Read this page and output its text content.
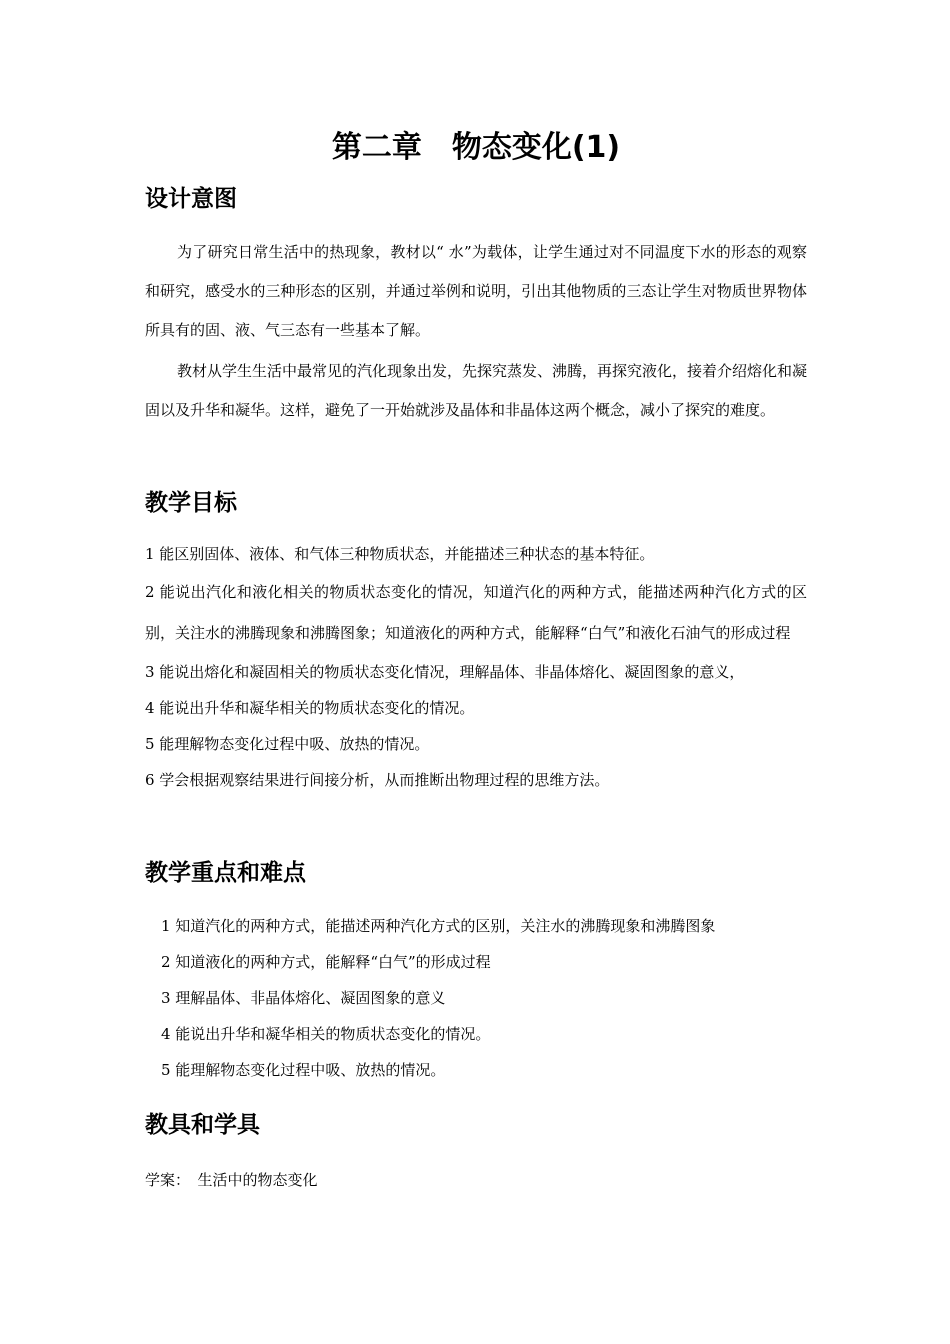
第二章　物态变化(1)
设计意图

为了研究日常生活中的热现象，教材以“ 水”为载体，让学生通过对不同温度下水的形态的观察和研究，感受水的三种形态的区别，并通过举例和说明，引出其他物质的三态让学生对物质世界物体所具有的固、液、气三态有一些基本了解。

教材从学生生活中最常见的汽化现象出发，先探究蒸发、沸腾，再探究液化，接着介绍熔化和凝固以及升华和凝华。这样，避免了一开始就涉及晶体和非晶体这两个概念，减小了探究的难度。

教学目标
1 能区别固体、液体、和气体三种物质状态，并能描述三种状态的基本特征。
2 能说出汽化和液化相关的物质状态变化的情况，知道汽化的两种方式，能描述两种汽化方式的区别，关注水的沸腾现象和沸腾图象；知道液化的两种方式，能解释“白气”和液化石油气的形成过程
3 能说出熔化和凝固相关的物质状态变化情况，理解晶体、非晶体熔化、凝固图象的意义，
4 能说出升华和凝华相关的物质状态变化的情况。
5 能理解物态变化过程中吸、放热的情况。
6 学会根据观察结果进行间接分析，从而推断出物理过程的思维方法。
教学重点和难点
1 知道汽化的两种方式，能描述两种汽化方式的区别，关注水的沸腾现象和沸腾图象
2 知道液化的两种方式，能解释“白气”的形成过程
3 理解晶体、非晶体熔化、凝固图象的意义
4 能说出升华和凝华相关的物质状态变化的情况。
5 能理解物态变化过程中吸、放热的情况。
教具和学具

学案：　生活中的物态变化
